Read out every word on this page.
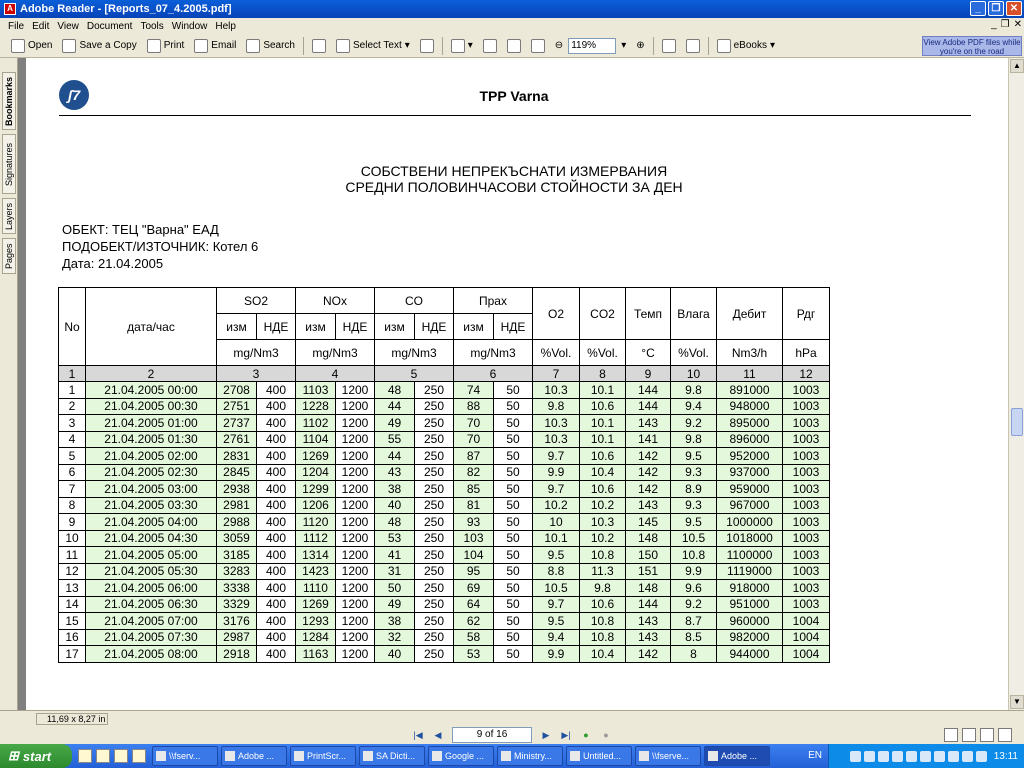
A Adobe Reader - [Reports_07_4.2005.pdf]	_	❐ ✕
File Edit View Document Tools Window Help	_ ❐ ✕
Open	Save a Copy	Print	Email	Search	Select Text ▾	▾	⊖ 119%	▾ ⊕	eBooks ▾	View Adobe PDF files while you're on the road
Bookmarks
Signatures
Layers
Pages
ʃ7	TPP Varna
СОБСТВЕНИ НЕПРЕКЪСНАТИ ИЗМЕРВАНИЯ
СРЕДНИ ПОЛОВИНЧАСОВИ СТОЙНОСТИ ЗА ДЕН
ОБЕКТ: ТЕЦ "Варна" ЕАД
ПОДОБЕКТ/ИЗТОЧНИК: Котел 6
Дата: 21.04.2005
No	дата/час	SO2		NOx		CO		Прах		O2	CO2	Темп	Влага	Дебит	Рдг
		изм	НДЕ	изм	НДЕ	изм	НДЕ	изм	НДЕ						
		mg/Nm3		mg/Nm3		mg/Nm3		mg/Nm3		%Vol.	%Vol.	°C	%Vol.	Nm3/h	hPa
1	2	3		4		5		6		7	8	9	10	11	12
1	21.04.2005 00:00	2708	400	1103	1200	48	250	74	50	10.3	10.1	144	9.8	891000	1003
2	21.04.2005 00:30	2751	400	1228	1200	44	250	88	50	9.8	10.6	144	9.4	948000	1003
3	21.04.2005 01:00	2737	400	1102	1200	49	250	70	50	10.3	10.1	143	9.2	895000	1003
4	21.04.2005 01:30	2761	400	1104	1200	55	250	70	50	10.3	10.1	141	9.8	896000	1003
5	21.04.2005 02:00	2831	400	1269	1200	44	250	87	50	9.7	10.6	142	9.5	952000	1003
6	21.04.2005 02:30	2845	400	1204	1200	43	250	82	50	9.9	10.4	142	9.3	937000	1003
7	21.04.2005 03:00	2938	400	1299	1200	38	250	85	50	9.7	10.6	142	8.9	959000	1003
8	21.04.2005 03:30	2981	400	1206	1200	40	250	81	50	10.2	10.2	143	9.3	967000	1003
9	21.04.2005 04:00	2988	400	1120	1200	48	250	93	50	10	10.3	145	9.5	1000000	1003
10	21.04.2005 04:30	3059	400	1112	1200	53	250	103	50	10.1	10.2	148	10.5	1018000	1003
11	21.04.2005 05:00	3185	400	1314	1200	41	250	104	50	9.5	10.8	150	10.8	1100000	1003
12	21.04.2005 05:30	3283	400	1423	1200	31	250	95	50	8.8	11.3	151	9.9	1119000	1003
13	21.04.2005 06:00	3338	400	1110	1200	50	250	69	50	10.5	9.8	148	9.6	918000	1003
14	21.04.2005 06:30	3329	400	1269	1200	49	250	64	50	9.7	10.6	144	9.2	951000	1003
15	21.04.2005 07:00	3176	400	1293	1200	38	250	62	50	9.5	10.8	143	8.7	960000	1004
16	21.04.2005 07:30	2987	400	1284	1200	32	250	58	50	9.4	10.8	143	8.5	982000	1004
17	21.04.2005 08:00	2918	400	1163	1200	40	250	53	50	9.9	10.4	142	8	944000	1004
▲
▼
11,69 x 8,27 in
|◀	◀	9 of 16	▶	▶|	●	●
⊞ start	\\fserv...	Adobe ...	PrintScr...	SA Dicti...	Google ...	Ministry...	Untitled...	\\fserve...	Adobe ...	EN	13:11
